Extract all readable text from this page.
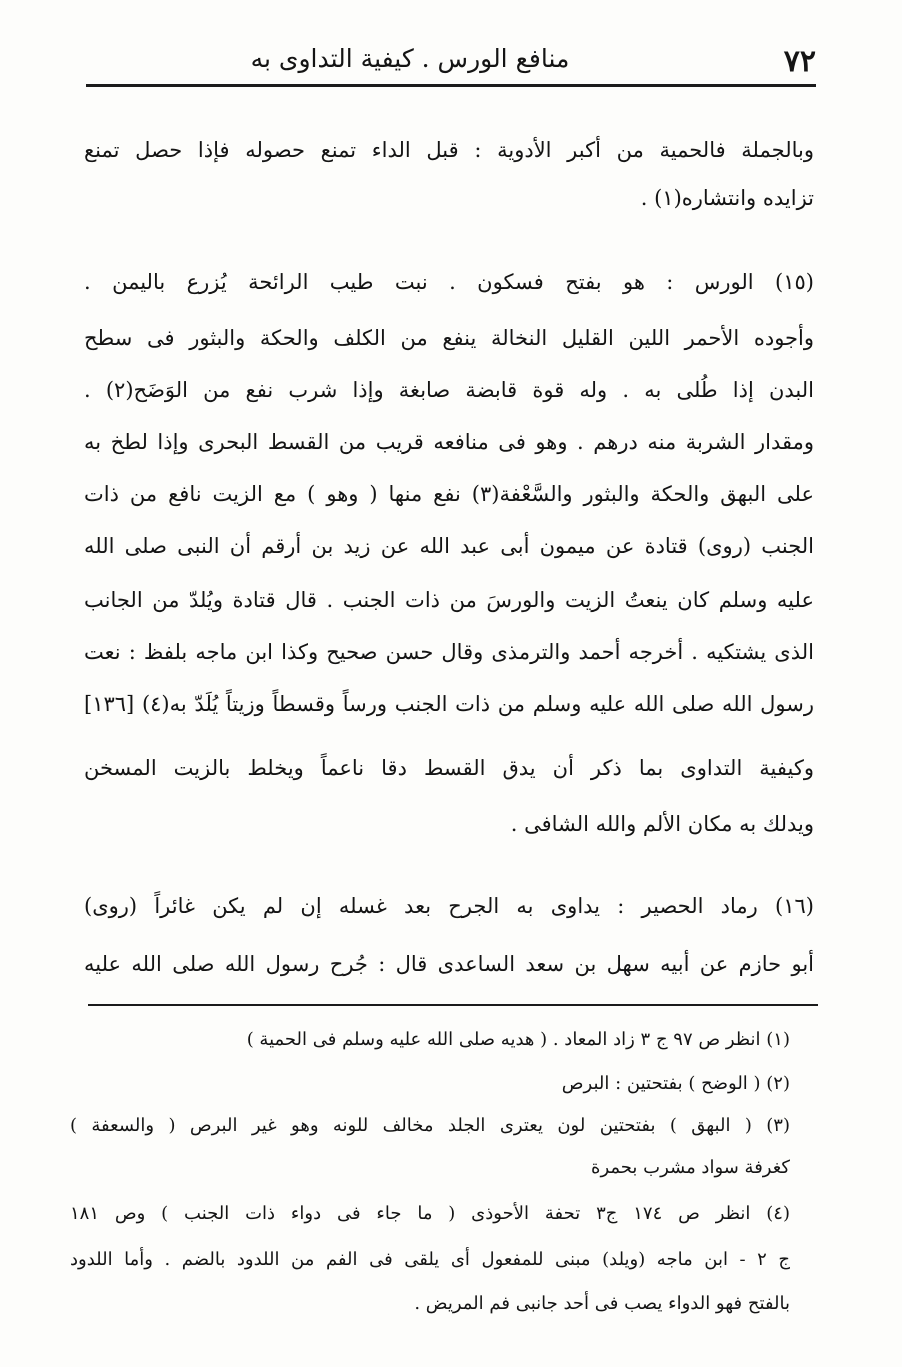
٧٢
منافع الورس . كيفية التداوى به
وبالجملة فالحمية من أكبر الأدوية : قبل الداء تمنع حصوله فإذا حصل تمنع
تزايده وانتشاره(١) .
(١٥) الورس : هو بفتح فسكون . نبت طيب الرائحة يُزرع باليمن .
وأجوده الأحمر اللين القليل النخالة ينفع من الكلف والحكة والبثور فى سطح
البدن إذا طُلى به . وله قوة قابضة صابغة وإذا شرب نفع من الوَضَح(٢) .
ومقدار الشربة منه درهم . وهو فى منافعه قريب من القسط البحرى وإذا لطخ به
على البهق والحكة والبثور والسَّعْفة(٣) نفع منها ( وهو ) مع الزيت نافع من ذات
الجنب (روى) قتادة عن ميمون أبى عبد الله عن زيد بن أرقم أن النبى صلى الله
عليه وسلم كان ينعتُ الزيت والورسَ من ذات الجنب . قال قتادة ويُلدّ من الجانب
الذى يشتكيه . أخرجه أحمد والترمذى وقال حسن صحيح وكذا ابن ماجه بلفظ : نعت
رسول الله صلى الله عليه وسلم من ذات الجنب ورساً وقسطاً وزيتاً يُلَدّ به(٤) [١٣٦]
وكيفية التداوى بما ذكر أن يدق القسط دقا ناعماً ويخلط بالزيت المسخن
ويدلك به مكان الألم والله الشافى .
(١٦) رماد الحصير : يداوى به الجرح بعد غسله إن لم يكن غائراً (روى)
أبو حازم عن أبيه سهل بن سعد الساعدى قال : جُرح رسول الله صلى الله عليه
(١) انظر ص ٩٧ ج ٣ زاد المعاد . ( هديه صلى الله عليه وسلم فى الحمية )
(٢) ( الوضح ) بفتحتين : البرص
(٣) ( البهق ) بفتحتين لون يعترى الجلد مخالف للونه وهو غير البرص ( والسعفة )
كغرفة سواد مشرب بحمرة
(٤) انظر ص ١٧٤ ج٣ تحفة الأحوذى ( ما جاء فى دواء ذات الجنب ) وص ١٨١
ج ٢ - ابن ماجه (ويلد) مبنى للمفعول أى يلقى فى الفم من اللدود بالضم . وأما اللدود
بالفتح فهو الدواء يصب فى أحد جانبى فم المريض .
